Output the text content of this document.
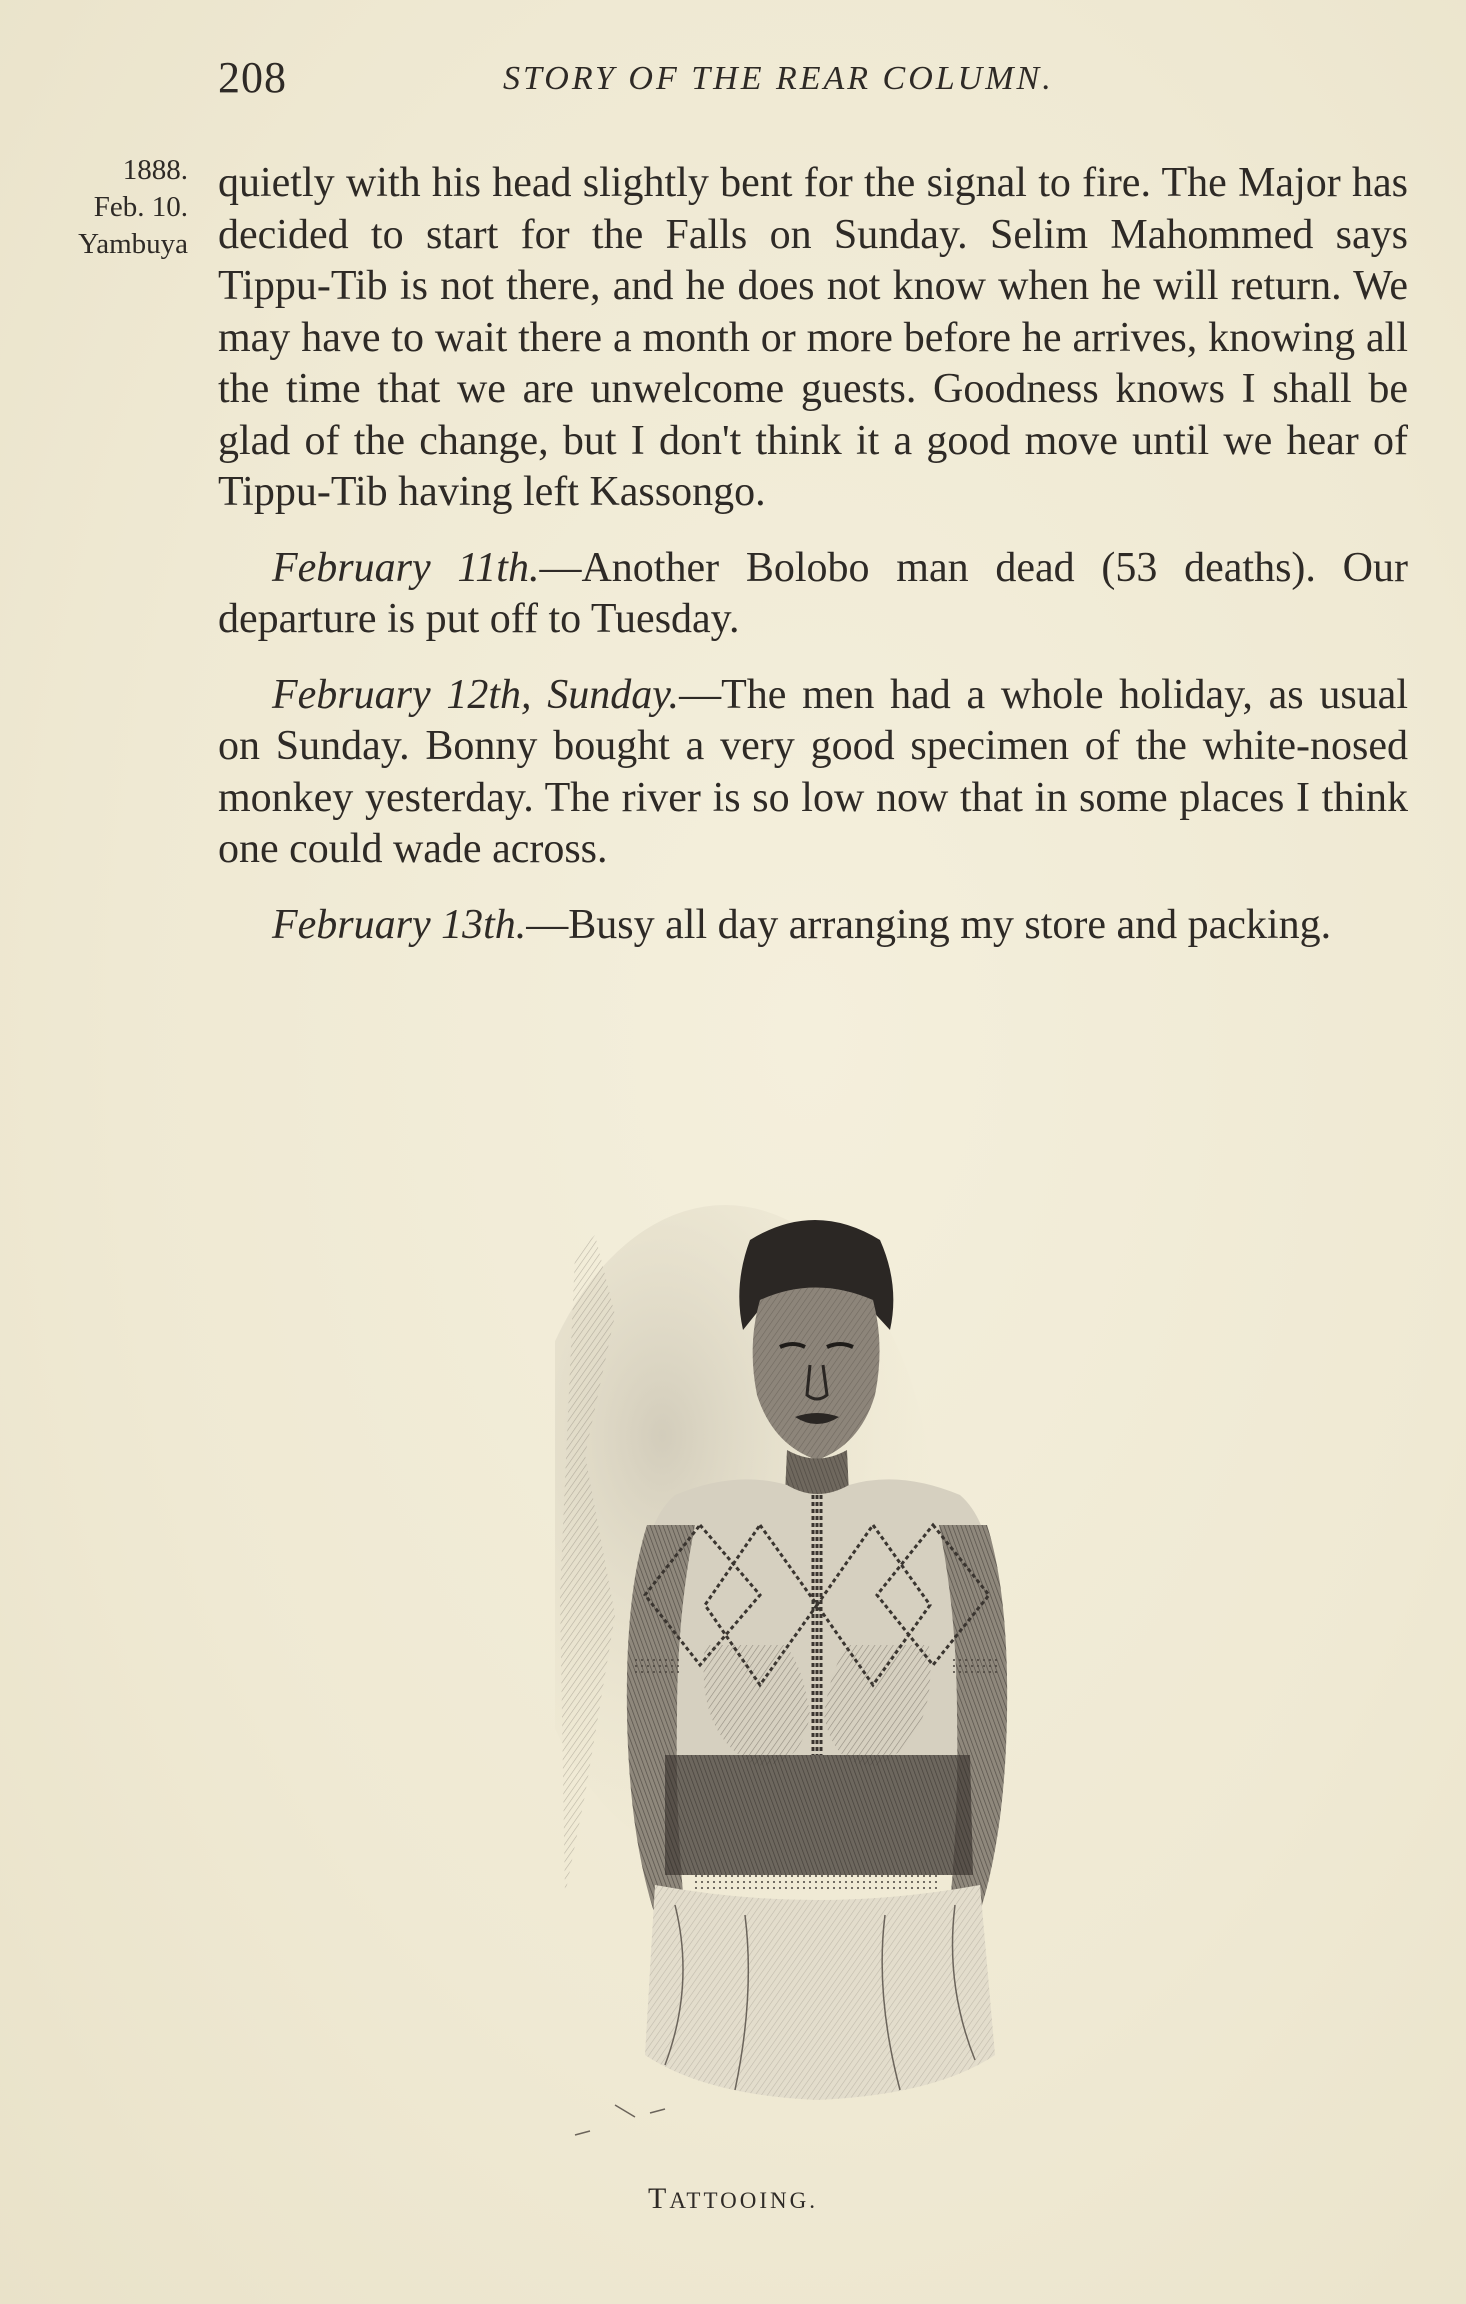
208	STORY OF THE REAR COLUMN.
1888.
Feb. 10.
Yambuya

quietly with his head slightly bent for the signal to fire. The Major has decided to start for the Falls on Sunday. Selim Mahommed says Tippu-Tib is not there, and he does not know when he will return. We may have to wait there a month or more before he arrives, knowing all the time that we are unwelcome guests. Goodness knows I shall be glad of the change, but I don't think it a good move until we hear of Tippu-Tib having left Kassongo.

February 11th.—Another Bolobo man dead (53 deaths). Our departure is put off to Tuesday.

February 12th, Sunday.—The men had a whole holiday, as usual on Sunday. Bonny bought a very good specimen of the white-nosed monkey yesterday. The river is so low now that in some places I think one could wade across.

February 13th.—Busy all day arranging my store and packing.

TATTOOING.
